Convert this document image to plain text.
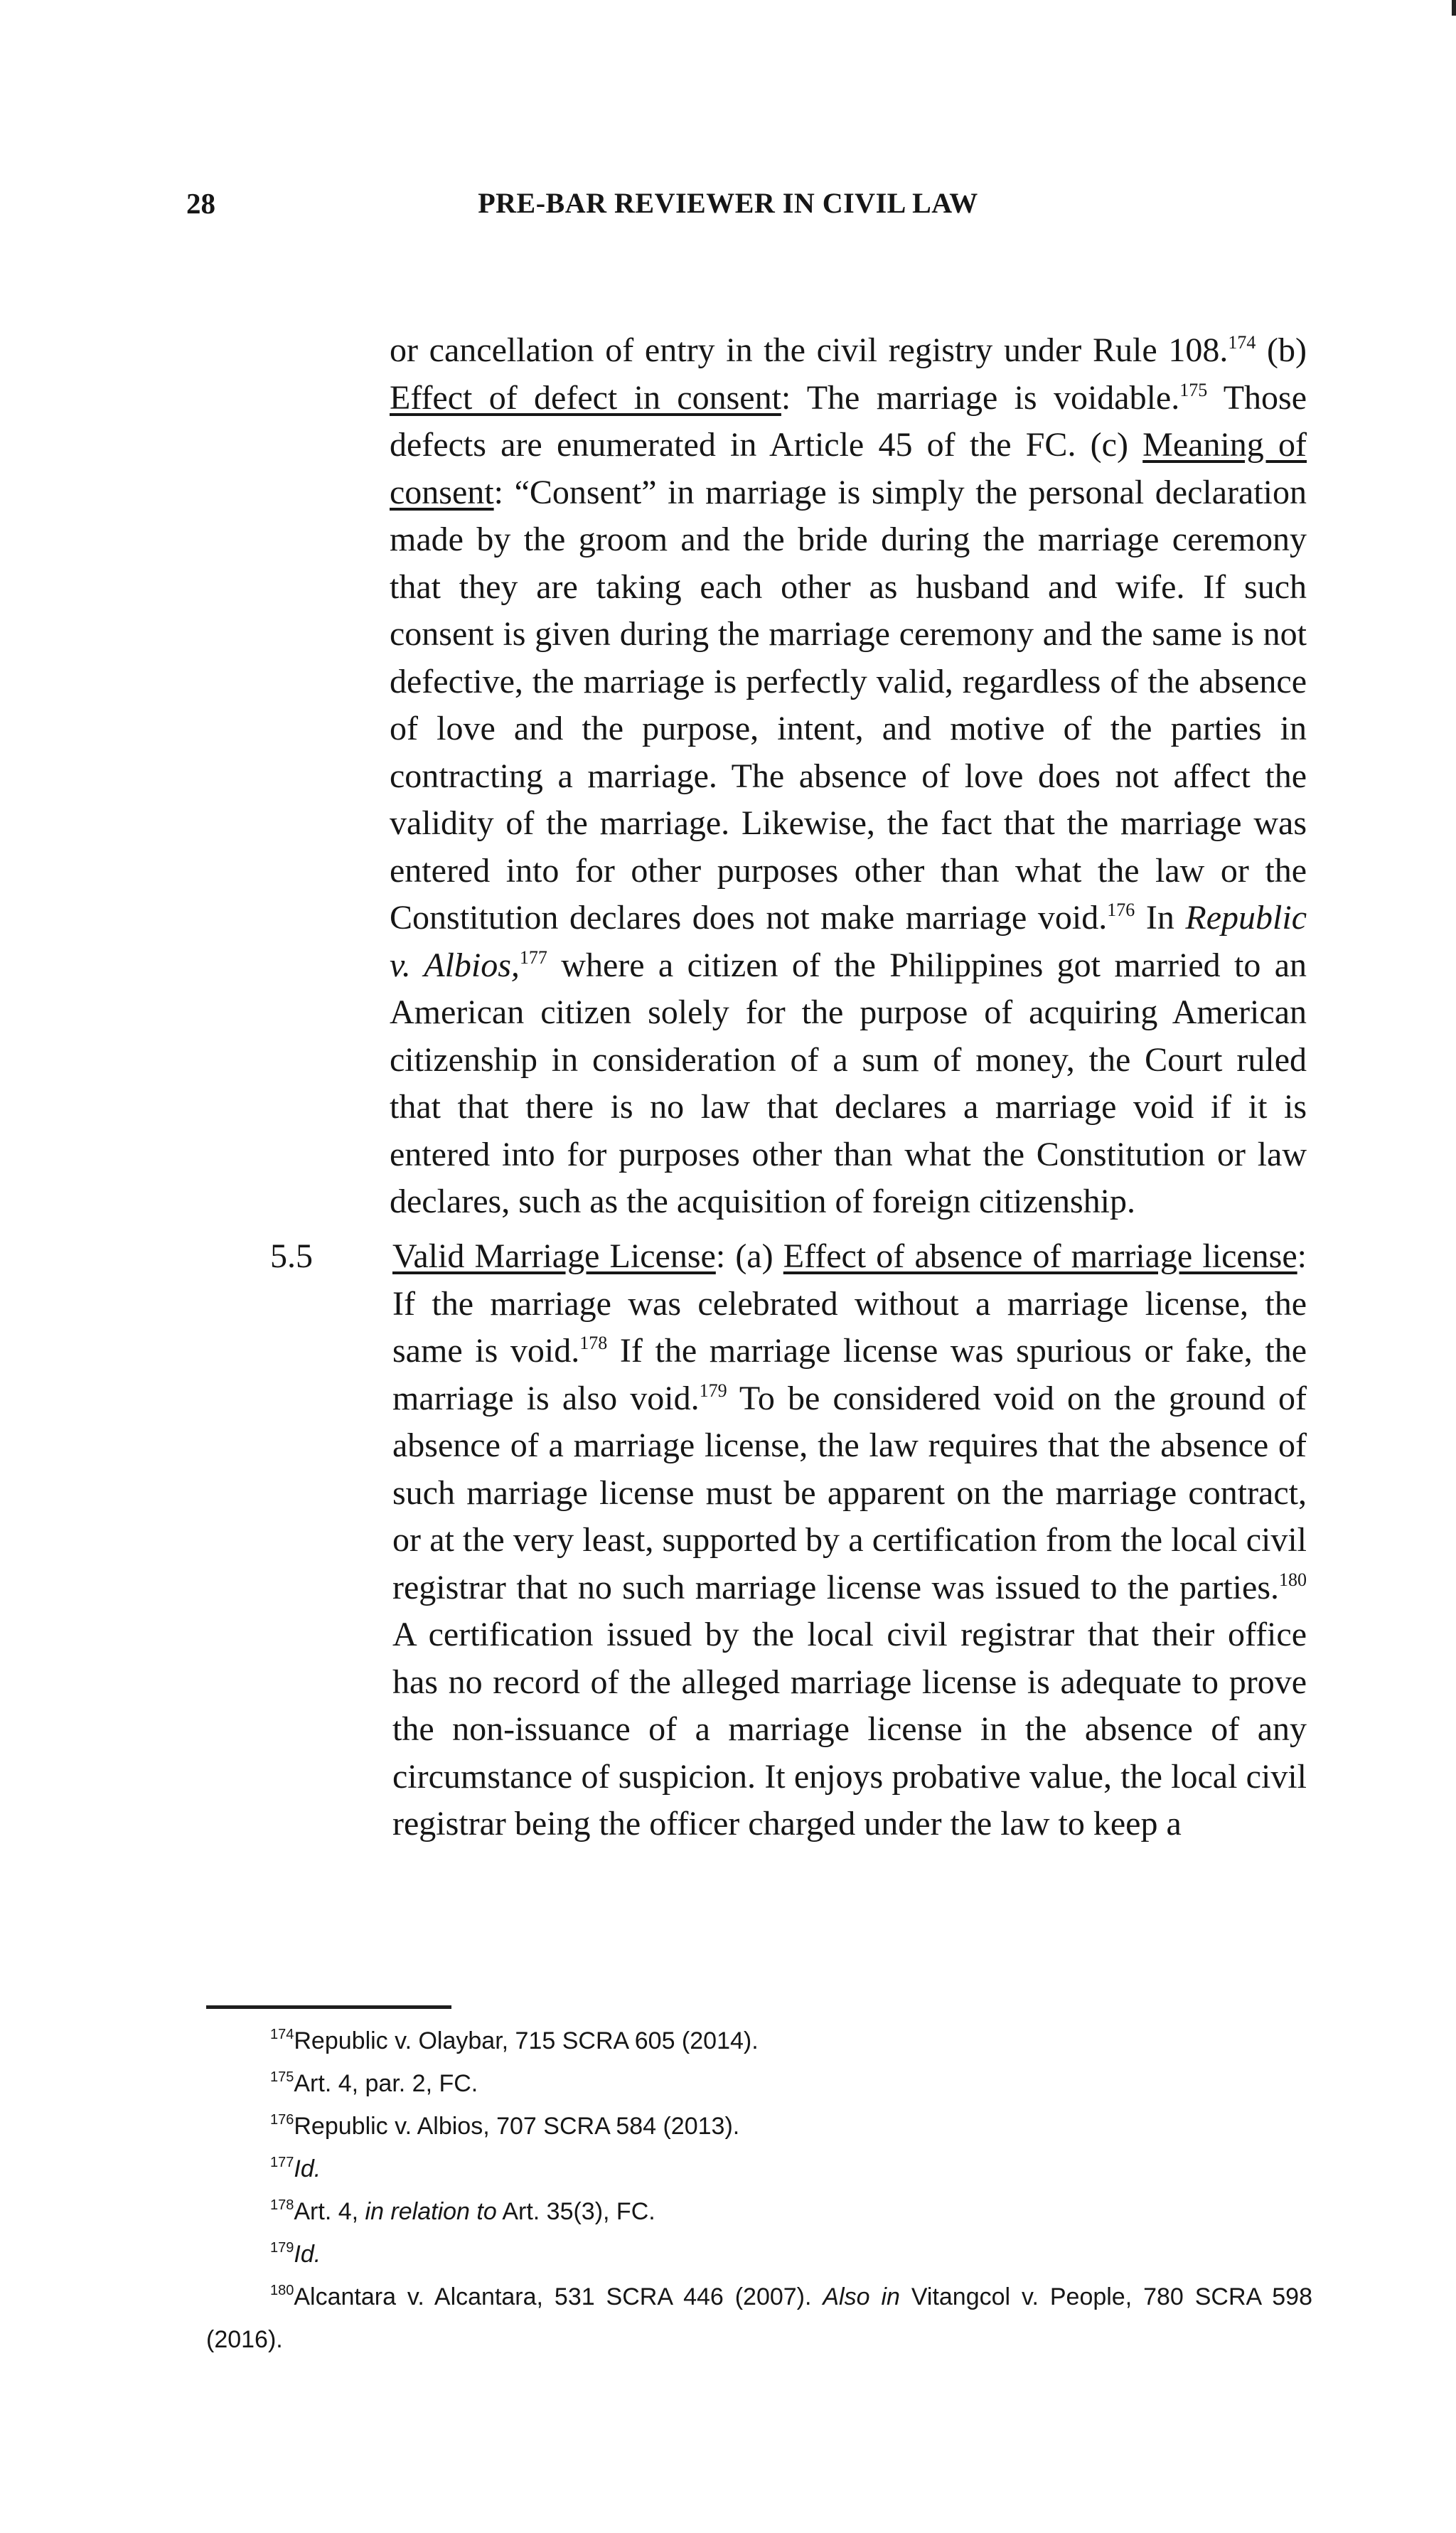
28	PRE-BAR REVIEWER IN CIVIL LAW
or cancellation of entry in the civil registry under Rule 108.$^{174}$ (b) Effect of defect in consent: The marriage is voidable.$^{175}$ Those defects are enumerated in Article 45 of the FC. (c) Meaning of consent: “Consent” in marriage is simply the personal declaration made by the groom and the bride during the marriage ceremony that they are taking each other as husband and wife. If such consent is given during the marriage ceremony and the same is not defective, the marriage is perfectly valid, regardless of the absence of love and the purpose, intent, and motive of the parties in contracting a marriage. The absence of love does not affect the validity of the marriage. Likewise, the fact that the marriage was entered into for other purposes other than what the law or the Constitution declares does not make marriage void.$^{176}$ In Republic v. Albios,$^{177}$ where a citizen of the Philippines got married to an American citizen solely for the purpose of acquiring American citizenship in consideration of a sum of money, the Court ruled that that there is no law that declares a marriage void if it is entered into for purposes other than what the Constitution or law declares, such as the acquisition of foreign citizenship.
5.5 Valid Marriage License: (a) Effect of absence of marriage license: If the marriage was celebrated without a marriage license, the same is void.$^{178}$ If the marriage license was spurious or fake, the marriage is also void.$^{179}$ To be considered void on the ground of absence of a marriage license, the law requires that the absence of such marriage license must be apparent on the marriage contract, or at the very least, supported by a certification from the local civil registrar that no such marriage license was issued to the parties.$^{180}$ A certification issued by the local civil registrar that their office has no record of the alleged marriage license is adequate to prove the non-issuance of a marriage license in the absence of any circumstance of suspicion. It enjoys probative value, the local civil registrar being the officer charged under the law to keep a
$^{174}$Republic v. Olaybar, 715 SCRA 605 (2014).
$^{175}$Art. 4, par. 2, FC.
$^{176}$Republic v. Albios, 707 SCRA 584 (2013).
$^{177}$Id.
$^{178}$Art. 4, in relation to Art. 35(3), FC.
$^{179}$Id.
$^{180}$Alcantara v. Alcantara, 531 SCRA 446 (2007). Also in Vitangcol v. People, 780 SCRA 598 (2016).
